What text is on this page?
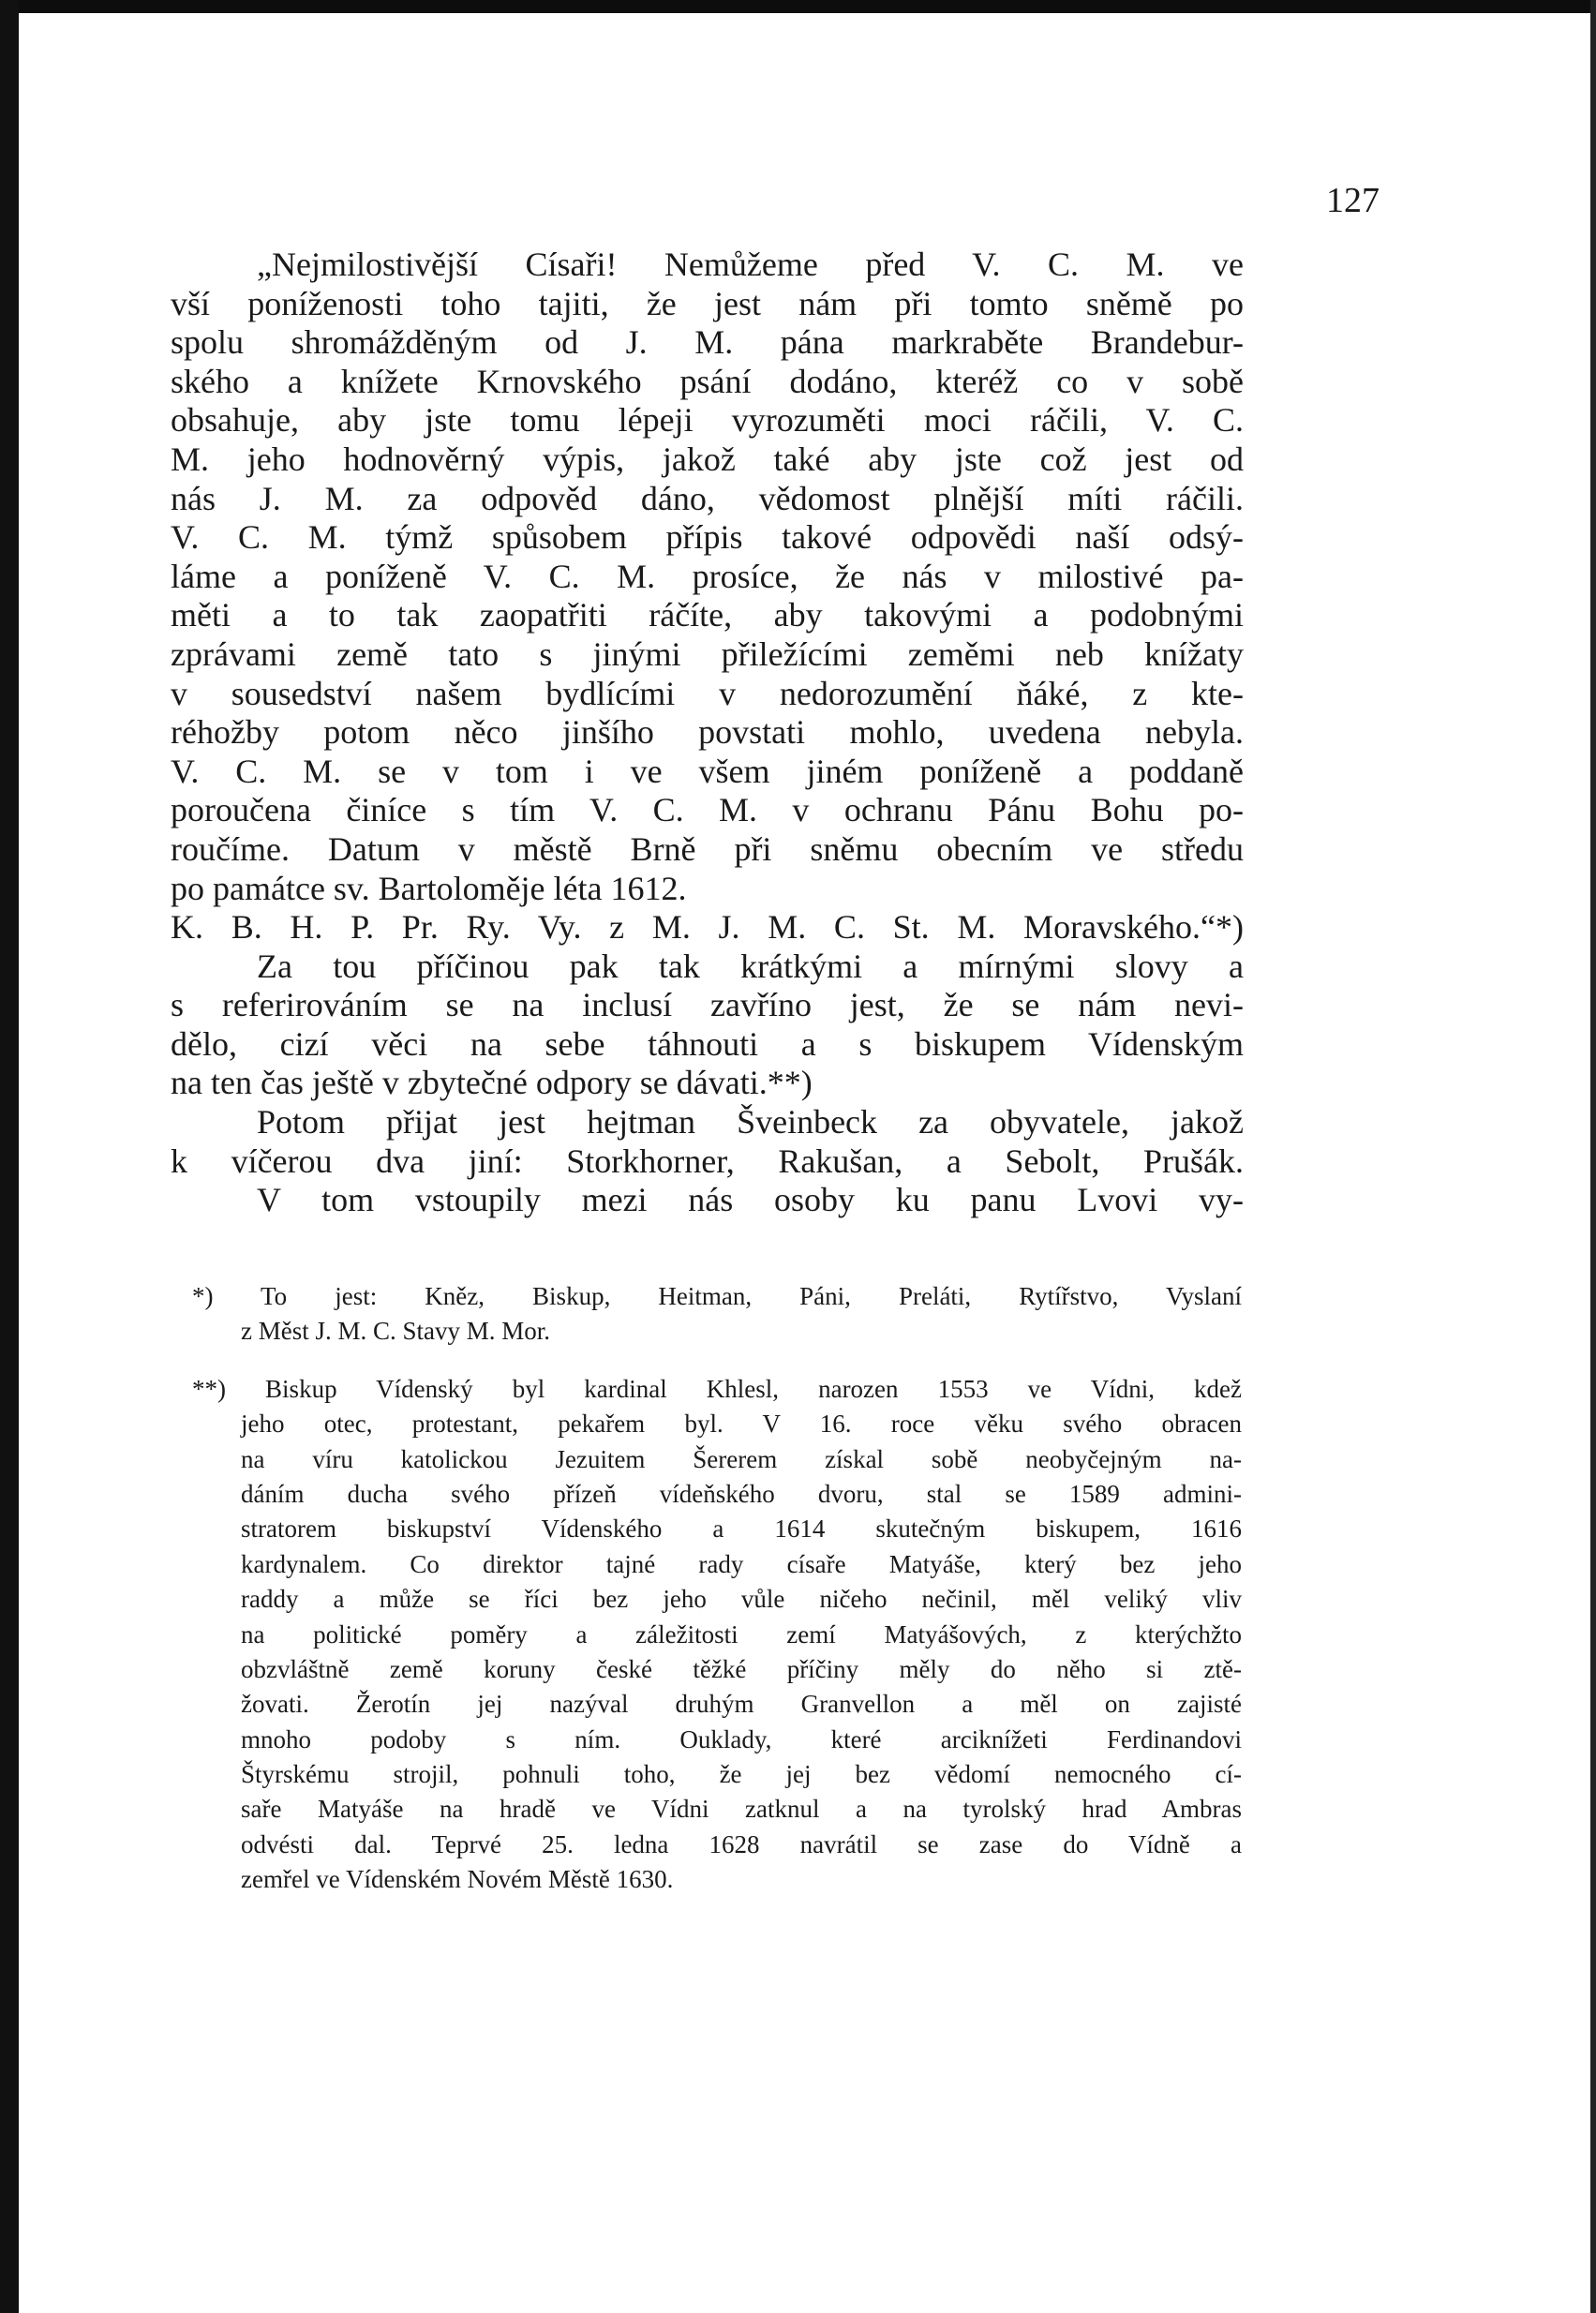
127
„Nejmilostivější Císaři! Nemůžeme před V. C. M. ve
vší poníženosti toho tajiti, že jest nám při tomto sněmě po
spolu shromážděným od J. M. pána markraběte Brandebur-
ského a knížete Krnovského psání dodáno, kteréž co v sobě
obsahuje, aby jste tomu lépeji vyrozuměti moci ráčili, V. C.
M. jeho hodnověrný výpis, jakož také aby jste což jest od
nás J. M. za odpověd dáno, vědomost plnější míti ráčili.
V. C. M. týmž spůsobem přípis takové odpovědi naší odsý-
láme a poníženě V. C. M. prosíce, že nás v milostivé pa-
měti a to tak zaopatřiti ráčíte, aby takovými a podobnými
zprávami země tato s jinými přiležícími zeměmi neb knížaty
v sousedství našem bydlícími v nedorozumění ňáké, z kte-
réhožby potom něco jinšího povstati mohlo, uvedena nebyla.
V. C. M. se v tom i ve všem jiném poníženě a poddaně
poroučena činíce s tím V. C. M. v ochranu Pánu Bohu po-
roučíme. Datum v městě Brně při sněmu obecním ve středu
po památce sv. Bartoloměje léta 1612.
K. B. H. P. Pr. Ry. Vy. z M. J. M. C. St. M. Moravského.“*)
Za tou příčinou pak tak krátkými a mírnými slovy a
s referirováním se na inclusí zavříno jest, že se nám nevi-
dělo, cizí věci na sebe táhnouti a s biskupem Vídenským
na ten čas ještě v zbytečné odpory se dávati.**)
Potom přijat jest hejtman Šveinbeck za obyvatele, jakož
k víčerou dva jiní: Storkhorner, Rakušan, a Sebolt, Prušák.
V tom vstoupily mezi nás osoby ku panu Lvovi vy-
*) To jest: Kněz, Biskup, Heitman, Páni, Preláti, Rytířstvo, Vyslaní
z Měst J. M. C. Stavy M. Mor.
**) Biskup Vídenský byl kardinal Khlesl, narozen 1553 ve Vídni, kdež
jeho otec, protestant, pekařem byl. V 16. roce věku svého obracen
na víru katolickou Jezuitem Šererem získal sobě neobyčejným na-
dáním ducha svého přízeň vídeňského dvoru, stal se 1589 admini-
stratorem biskupství Vídenského a 1614 skutečným biskupem, 1616
kardynalem. Co direktor tajné rady císaře Matyáše, který bez jeho
raddy a může se říci bez jeho vůle ničeho nečinil, měl veliký vliv
na politické poměry a záležitosti zemí Matyášových, z kterýchžto
obzvláštně země koruny české těžké příčiny měly do něho si ztě-
žovati. Žerotín jej nazýval druhým Granvellon a měl on zajisté
mnoho podoby s ním. Ouklady, které arciknížeti Ferdinandovi
Štyrskému strojil, pohnuli toho, že jej bez vědomí nemocného cí-
saře Matyáše na hradě ve Vídni zatknul a na tyrolský hrad Ambras
odvésti dal. Teprvé 25. ledna 1628 navrátil se zase do Vídně a
zemřel ve Vídenském Novém Městě 1630.
